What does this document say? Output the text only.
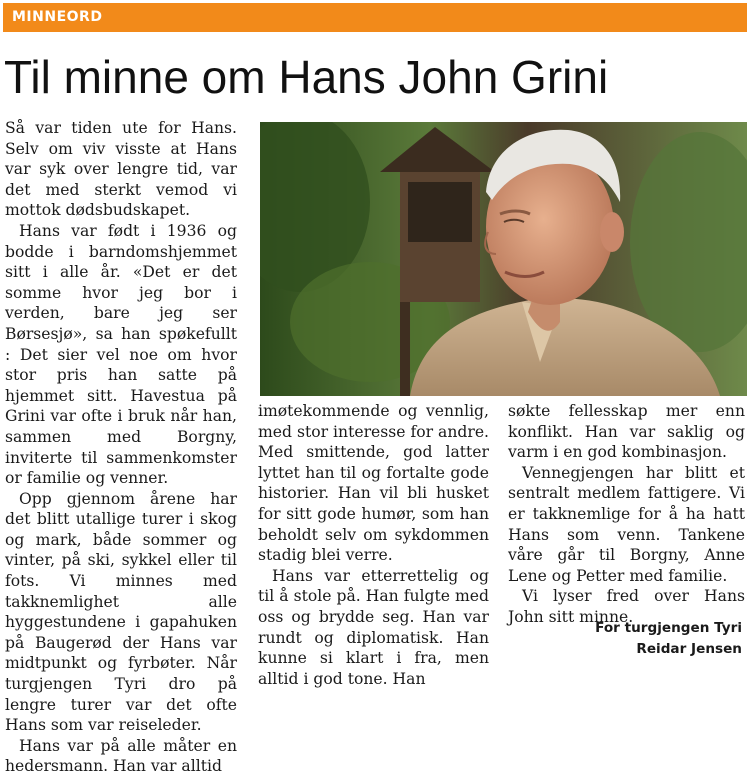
MINNEORD
Til minne om Hans John Grini

Så var tiden ute for Hans. Selv om viv visste at Hans var syk over lengre tid, var det med sterkt vemod vi mottok dødsbudskapet.

Hans var født i 1936 og bodde i barndomshjemmet sitt i alle år. «Det er det somme hvor jeg bor i verden, bare jeg ser Børsesjø», sa han spøkefullt : Det sier vel noe om hvor stor pris han satte på hjemmet sitt. Havestua på Grini var ofte i bruk når han, sammen med Borgny, inviterte til sammenkomster or familie og venner.

Opp gjennom årene har det blitt utallige turer i skog og mark, både sommer og vinter, på ski, sykkel eller til fots. Vi minnes med takknemlighet alle hyggestundene i gapahuken på Baugerød der Hans var midtpunkt og fyrbøter. Når turgjengen Tyri dro på lengre turer var det ofte Hans som var reiseleder.

Hans var på alle måter en hedersmann. Han var alltid

imøtekommende og vennlig, med stor interesse for andre. Med smittende, god latter lyttet han til og fortalte gode historier. Han vil bli husket for sitt gode humør, som han beholdt selv om sykdommen stadig blei verre.

Hans var etterrettelig og til å stole på. Han fulgte med oss og brydde seg. Han var rundt og diplomatisk. Han kunne si klart i fra, men alltid i god tone. Han

søkte fellesskap mer enn konflikt. Han var saklig og varm i en god kombinasjon.

Vennegjengen har blitt et sentralt medlem fattigere. Vi er takknemlige for å ha hatt Hans som venn. Tankene våre går til Borgny, Anne Lene og Petter med familie.

Vi lyser fred over Hans John sitt minne.

For turgjengen Tyri
Reidar Jensen
